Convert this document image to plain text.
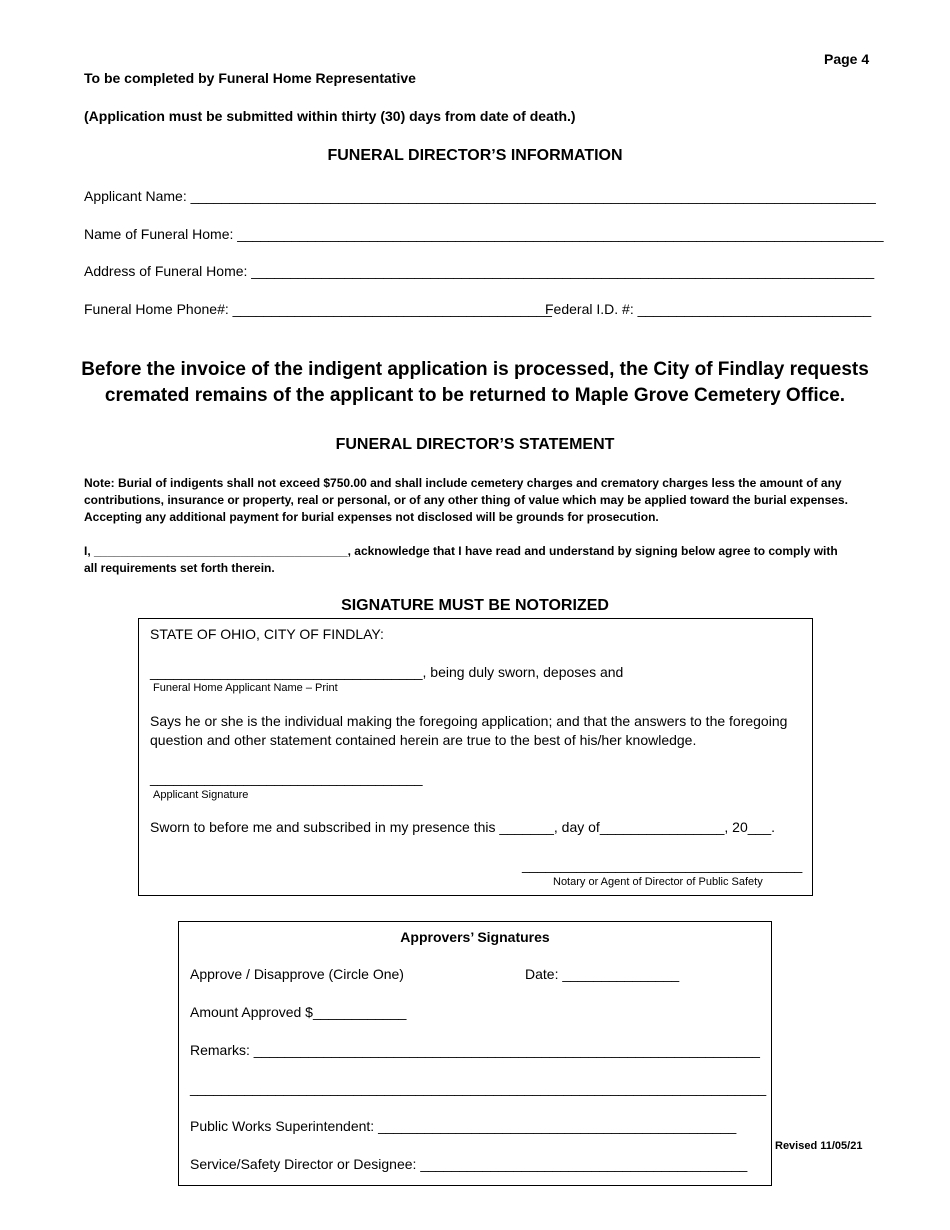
Page 4
To be completed by Funeral Home Representative
(Application must be submitted within thirty (30) days from date of death.)
FUNERAL DIRECTOR’S INFORMATION
Applicant Name: ________________________________________________________________________________________
Name of Funeral Home: ___________________________________________________________________________________
Address of Funeral Home: ________________________________________________________________________________
Funeral Home Phone#: _________________________________________
Federal I.D. #: ______________________________
Before the invoice of the indigent application is processed, the City of Findlay requests
cremated remains of the applicant to be returned to Maple Grove Cemetery Office.
FUNERAL DIRECTOR’S STATEMENT
Note: Burial of indigents shall not exceed $750.00 and shall include cemetery charges and crematory charges less the amount of any
contributions, insurance or property, real or personal, or of any other thing of value which may be applied toward the burial expenses.
Accepting any additional payment for burial expenses not disclosed will be grounds for prosecution.
I, ______________________________________, acknowledge that I have read and understand by signing below agree to comply with
all requirements set forth therein.
SIGNATURE MUST BE NOTORIZED
STATE OF OHIO, CITY OF FINDLAY:
___________________________________, being duly sworn, deposes and
Funeral Home Applicant Name – Print
Says he or she is the individual making the foregoing application; and that the answers to the foregoing
question and other statement contained herein are true to the best of his/her knowledge.
___________________________________
Applicant Signature
Sworn to before me and subscribed in my presence this _______, day of________________, 20___.
____________________________________
Notary or Agent of Director of Public Safety
Approvers’ Signatures
Approve / Disapprove (Circle One)	Date: _______________
Amount Approved $____________
Remarks: _________________________________________________________________
__________________________________________________________________________
Public Works Superintendent: ______________________________________________
Service/Safety Director or Designee: __________________________________________
Revised 11/05/21
